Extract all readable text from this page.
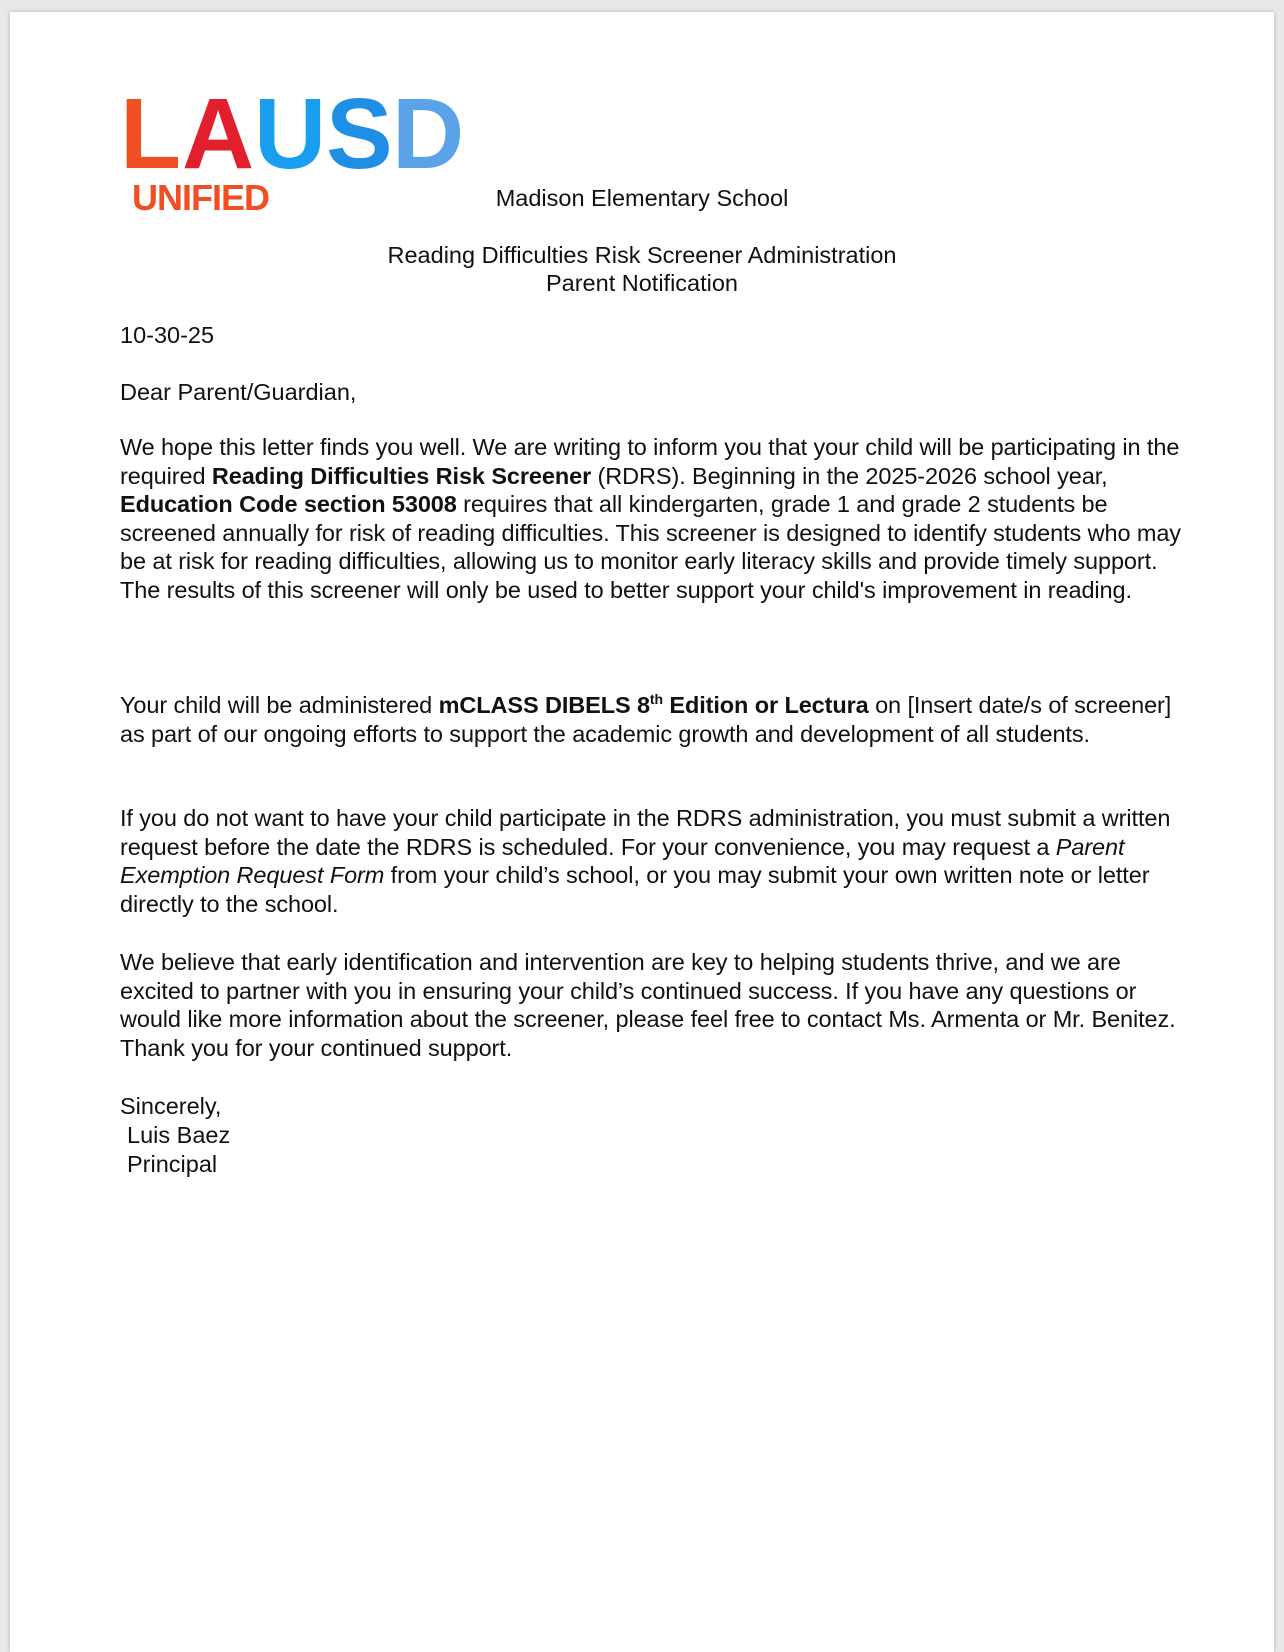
L A U S D
UNIFIED	Madison Elementary School
Reading Difficulties Risk Screener Administration
Parent Notification
10-30-25
Dear Parent/Guardian,
We hope this letter finds you well. We are writing to inform you that your child will be participating in the required Reading Difficulties Risk Screener (RDRS). Beginning in the 2025-2026 school year, Education Code section 53008 requires that all kindergarten, grade 1 and grade 2 students be screened annually for risk of reading difficulties. This screener is designed to identify students who may be at risk for reading difficulties, allowing us to monitor early literacy skills and provide timely support. The results of this screener will only be used to better support your child's improvement in reading.
Your child will be administered mCLASS DIBELS 8th Edition or Lectura on [Insert date/s of screener] as part of our ongoing efforts to support the academic growth and development of all students.
If you do not want to have your child participate in the RDRS administration, you must submit a written request before the date the RDRS is scheduled. For your convenience, you may request a Parent Exemption Request Form from your child’s school, or you may submit your own written note or letter directly to the school.
We believe that early identification and intervention are key to helping students thrive, and we are excited to partner with you in ensuring your child’s continued success. If you have any questions or would like more information about the screener, please feel free to contact Ms. Armenta or Mr. Benitez. Thank you for your continued support.
Sincerely,
Luis Baez
Principal
